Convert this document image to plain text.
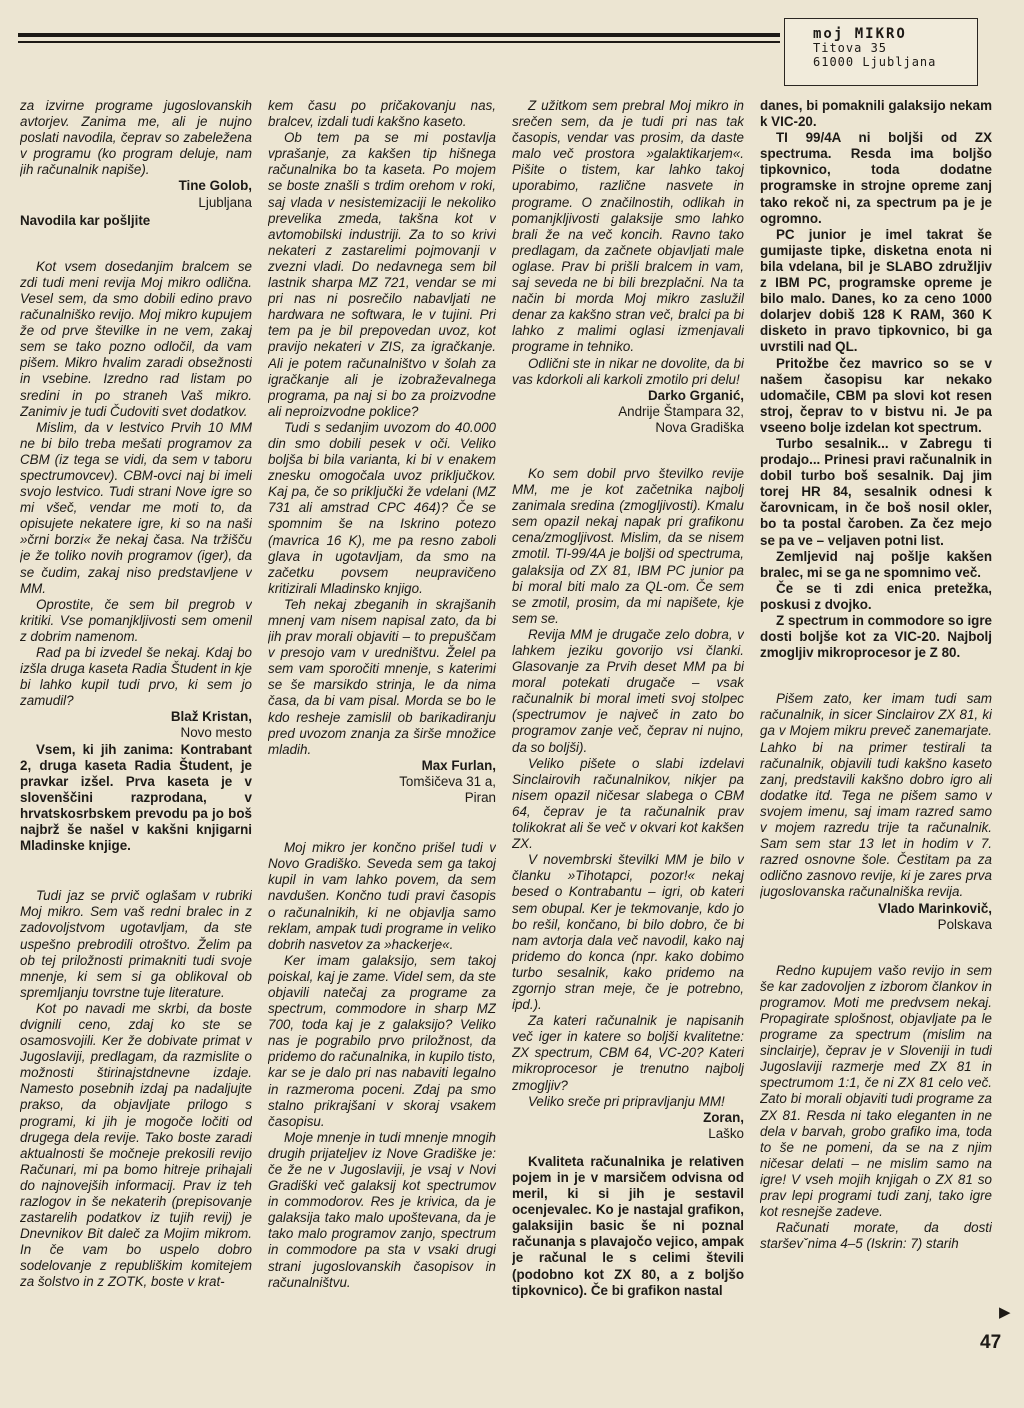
moj MIKRO
Titova 35
61000 Ljubljana

za izvirne programe jugoslovanskih avtorjev. Zanima me, ali je nujno poslati navodila, čeprav so zabeležena v programu (ko program deluje, nam jih računalnik napiše).

Tine Golob,

Ljubljana

Navodila kar pošljite

Kot vsem dosedanjim bralcem se zdi tudi meni revija Moj mikro odlična. Vesel sem, da smo dobili edino pravo računalniško revijo. Moj mikro kupujem že od prve številke in ne vem, zakaj sem se tako pozno odločil, da vam pišem. Mikro hvalim zaradi obsežnosti in vsebine. Izredno rad listam po sredini in po straneh Vaš mikro. Zanimiv je tudi Čudoviti svet dodatkov.

Mislim, da v lestvico Prvih 10 MM ne bi bilo treba mešati programov za CBM (iz tega se vidi, da sem v taboru spectrumovcev). CBM-ovci naj bi imeli svojo lestvico. Tudi strani Nove igre so mi všeč, vendar me moti to, da opisujete nekatere igre, ki so na naši »črni borzi« že nekaj časa. Na tržišču je že toliko novih programov (iger), da se čudim, zakaj niso predstavljene v MM.

Oprostite, če sem bil pregrob v kritiki. Vse pomanjkljivosti sem omenil z dobrim namenom.

Rad pa bi izvedel še nekaj. Kdaj bo izšla druga kaseta Radia Študent in kje bi lahko kupil tudi prvo, ki sem jo zamudil?

Blaž Kristan,

Novo mesto

Vsem, ki jih zanima: Kontrabant 2, druga kaseta Radia Študent, je pravkar izšel. Prva kaseta je v slovenščini razprodana, v hrvatskosrbskem prevodu pa jo boš najbrž še našel v kakšni knjigarni Mladinske knjige.

Tudi jaz se prvič oglašam v rubriki Moj mikro. Sem vaš redni bralec in z zadovoljstvom ugotavljam, da ste uspešno prebrodili otroštvo. Želim pa ob tej priložnosti primakniti tudi svoje mnenje, ki sem si ga oblikoval ob spremljanju tovrstne tuje literature.

Kot po navadi me skrbi, da boste dvignili ceno, zdaj ko ste se osamosvojili. Ker že dobivate primat v Jugoslaviji, predlagam, da razmislite o možnosti štirinajstdnevne izdaje. Namesto posebnih izdaj pa nadaljujte prakso, da objavljate prilogo s programi, ki jih je mogoče ločiti od drugega dela revije. Tako boste zaradi aktualnosti še močneje prekosili revijo Računari, mi pa bomo hitreje prihajali do najnovejših informacij. Prav iz teh razlogov in še nekaterih (prepisovanje zastarelih podatkov iz tujih revij) je Dnevnikov Bit daleč za Mojim mikrom. In če vam bo uspelo dobro sodelovanje z republiškim komitejem za šolstvo in z ZOTK, boste v krat-

kem času po pričakovanju nas, bralcev, izdali tudi kakšno kaseto.

Ob tem pa se mi postavlja vprašanje, za kakšen tip hišnega računalnika bo ta kaseta. Po mojem se boste znašli s trdim orehom v roki, saj vlada v nesistemizaciji le nekoliko prevelika zmeda, takšna kot v avtomobilski industriji. Za to so krivi nekateri z zastarelimi pojmovanji v zvezni vladi. Do nedavnega sem bil lastnik sharpa MZ 721, vendar se mi pri nas ni posrečilo nabavljati ne hardwara ne softwara, le v tujini. Pri tem pa je bil prepovedan uvoz, kot pravijo nekateri v ZIS, za igračkanje. Ali je potem računalništvo v šolah za igračkanje ali je izobraževalnega programa, pa naj si bo za proizvodne ali neproizvodne poklice?

Tudi s sedanjim uvozom do 40.000 din smo dobili pesek v oči. Veliko boljša bi bila varianta, ki bi v enakem znesku omogočala uvoz priključkov. Kaj pa, če so priključki že vdelani (MZ 731 ali amstrad CPC 464)? Če se spomnim še na Iskrino potezo (mavrica 16 K), me pa resno zaboli glava in ugotavljam, da smo na začetku povsem neupravičeno kritizirali Mladinsko knjigo.

Teh nekaj zbeganih in skrajšanih mnenj vam nisem napisal zato, da bi jih prav morali objaviti – to prepuščam v presojo vam v uredništvu. Želel pa sem vam sporočiti mnenje, s katerimi se še marsikdo strinja, le da nima časa, da bi vam pisal. Morda se bo le kdo resheje zamislil ob barikadiranju pred uvozom znanja za širše množice mladih.

Max Furlan,

Tomšičeva 31 a,

Piran

Moj mikro jer končno prišel tudi v Novo Gradiško. Seveda sem ga takoj kupil in vam lahko povem, da sem navdušen. Končno tudi pravi časopis o računalnikih, ki ne objavlja samo reklam, ampak tudi programe in veliko dobrih nasvetov za »hackerje«.

Ker imam galaksijo, sem takoj poiskal, kaj je zame. Videl sem, da ste objavili natečaj za programe za spectrum, commodore in sharp MZ 700, toda kaj je z galaksijo? Veliko nas je pograbilo prvo priložnost, da pridemo do računalnika, in kupilo tisto, kar se je dalo pri nas nabaviti legalno in razmeroma poceni. Zdaj pa smo stalno prikrajšani v skoraj vsakem časopisu.

Moje mnenje in tudi mnenje mnogih drugih prijateljev iz Nove Gradiške je: če že ne v Jugoslaviji, je vsaj v Novi Gradiški več galaksij kot spectrumov in commodorov. Res je krivica, da je galaksija tako malo upoštevana, da je tako malo programov zanjo, spectrum in commodore pa sta v vsaki drugi strani jugoslovanskih časopisov in računalništvu.

Z užitkom sem prebral Moj mikro in srečen sem, da je tudi pri nas tak časopis, vendar vas prosim, da daste malo več prostora »galaktikarjem«. Pišite o tistem, kar lahko takoj uporabimo, različne nasvete in programe. O značilnostih, odlikah in pomanjkljivosti galaksije smo lahko brali že na več koncih. Ravno tako predlagam, da začnete objavljati male oglase. Prav bi prišli bralcem in vam, saj seveda ne bi bili brezplačni. Na ta način bi morda Moj mikro zaslužil denar za kakšno stran več, bralci pa bi lahko z malimi oglasi izmenjavali programe in tehniko.

Odlični ste in nikar ne dovolite, da bi vas kdorkoli ali karkoli zmotilo pri delu!

Darko Grganić,

Andrije Štampara 32,

Nova Gradiška

Ko sem dobil prvo številko revije MM, me je kot začetnika najbolj zanimala sredina (zmogljivosti). Kmalu sem opazil nekaj napak pri grafikonu cena/zmogljivost. Mislim, da se nisem zmotil. TI-99/4A je boljši od spectruma, galaksija od ZX 81, IBM PC junior pa bi moral biti malo za QL-om. Če sem se zmotil, prosim, da mi napišete, kje sem se.

Revija MM je drugače zelo dobra, v lahkem jeziku govorijo vsi članki. Glasovanje za Prvih deset MM pa bi moral potekati drugače – vsak računalnik bi moral imeti svoj stolpec (spectrumov je največ in zato bo programov zanje več, čeprav ni nujno, da so boljši).

Veliko pišete o slabi izdelavi Sinclairovih računalnikov, nikjer pa nisem opazil ničesar slabega o CBM 64, čeprav je ta računalnik prav tolikokrat ali še več v okvari kot kakšen ZX.

V novembrski številki MM je bilo v članku »Tihotapci, pozor!« nekaj besed o Kontrabantu – igri, ob kateri sem obupal. Ker je tekmovanje, kdo jo bo rešil, končano, bi bilo dobro, če bi nam avtorja dala več navodil, kako naj pridemo do konca (npr. kako dobimo turbo sesalnik, kako pridemo na zgornjo stran meje, če je potrebno, ipd.).

Za kateri računalnik je napisanih več iger in katere so boljši kvalitetne: ZX spectrum, CBM 64, VC-20? Kateri mikroprocesor je trenutno najbolj zmogljiv?

Veliko sreče pri pripravljanju MM!

Zoran,

Laško

Kvaliteta računalnika je relativen pojem in je v marsičem odvisna od meril, ki si jih je sestavil ocenjevalec. Ko je nastajal grafikon, galaksijin basic še ni poznal računanja s plavajočo vejico, ampak je računal le s celimi števili (podobno kot ZX 80, a z boljšo tipkovnico). Če bi grafikon nastal

danes, bi pomaknili galaksijo nekam k VIC-20.

TI 99/4A ni boljši od ZX spectruma. Resda ima boljšo tipkovnico, toda dodatne programske in strojne opreme zanj tako rekoč ni, za spectrum pa je je ogromno.

PC junior je imel takrat še gumijaste tipke, disketna enota ni bila vdelana, bil je SLABO združljiv z IBM PC, programske opreme je bilo malo. Danes, ko za ceno 1000 dolarjev dobiš 128 K RAM, 360 K disketo in pravo tipkovnico, bi ga uvrstili nad QL.

Pritožbe čez mavrico so se v našem časopisu kar nekako udomačile, CBM pa slovi kot resen stroj, čeprav to v bistvu ni. Je pa vseeno bolje izdelan kot spectrum.

Turbo sesalnik... v Zabregu ti prodajo... Prinesi pravi računalnik in dobil turbo boš sesalnik. Daj jim torej HR 84, sesalnik odnesi k čarovnicam, in če boš nosil okler, bo ta postal čaroben. Za čez mejo se pa ve – veljaven potni list.

Zemljevid naj pošlje kakšen bralec, mi se ga ne spomnimo več.

Če se ti zdi enica pretežka, poskusi z dvojko.

Z spectrum in commodore so igre dosti boljše kot za VIC-20. Najbolj zmogljiv mikroprocesor je Z 80.

Pišem zato, ker imam tudi sam računalnik, in sicer Sinclairov ZX 81, ki ga v Mojem mikru preveč zanemarjate. Lahko bi na primer testirali ta računalnik, objavili tudi kakšno kaseto zanj, predstavili kakšno dobro igro ali dodatke itd. Tega ne pišem samo v svojem imenu, saj imam razred samo v mojem razredu trije ta računalnik. Sam sem star 13 let in hodim v 7. razred osnovne šole. Čestitam pa za odlično zasnovo revije, ki je zares prva jugoslovanska računalniška revija.

Vlado Marinkovič,

Polskava

Redno kupujem vašo revijo in sem še kar zadovoljen z izborom člankov in programov. Moti me predvsem nekaj. Propagirate splošnost, objavljate pa le programe za spectrum (mislim na sinclairje), čeprav je v Sloveniji in tudi Jugoslaviji razmerje med ZX 81 in spectrumom 1:1, če ni ZX 81 celo več. Zato bi morali objaviti tudi programe za ZX 81. Resda ni tako eleganten in ne dela v barvah, grobo grafiko ima, toda to še ne pomeni, da se na z njim ničesar delati – ne mislim samo na igre! V vseh mojih knjigah o ZX 81 so prav lepi programi tudi zanj, tako igre kot resnejše zadeve.

Računati morate, da dosti starševˇnima 4–5 (Iskrin: 7) starih

▶
47
